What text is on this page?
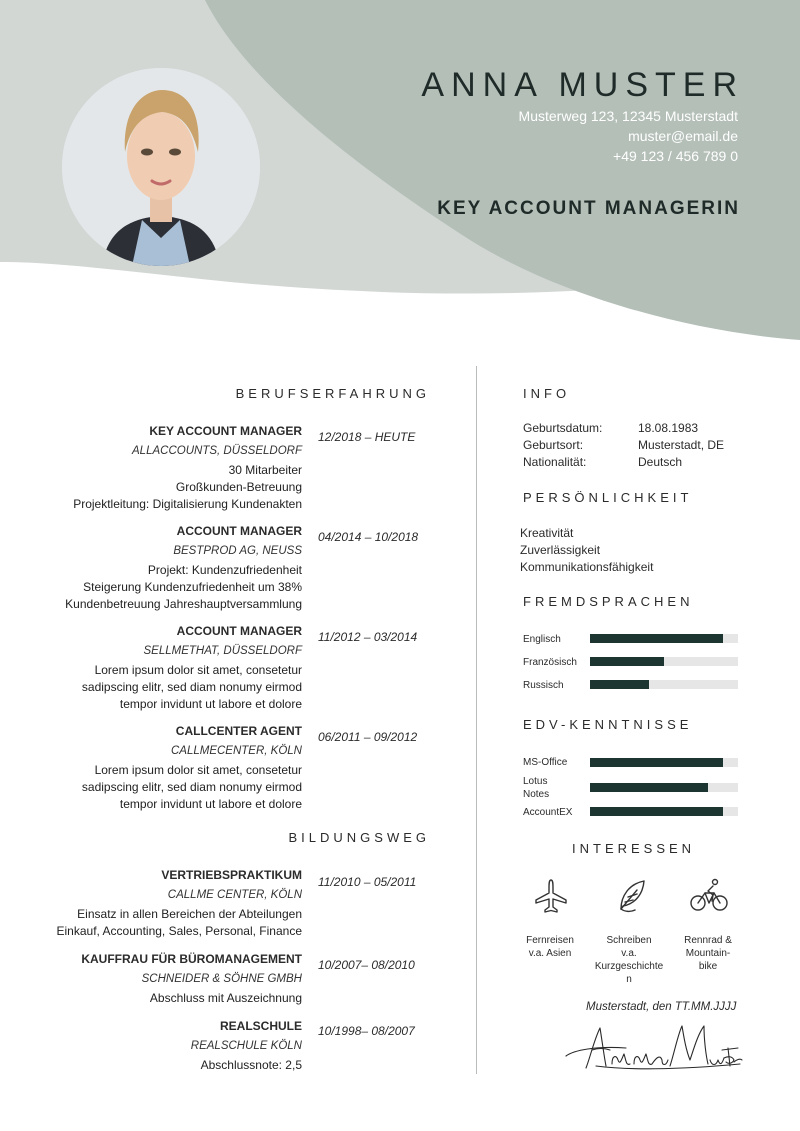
ANNA MUSTER
Musterweg 123, 12345 Musterstadt
muster@email.de
+49 123 / 456 789 0
KEY ACCOUNT MANAGERIN
BERUFSERFAHRUNG
KEY ACCOUNT MANAGER
ALLACCOUNTS, DÜSSELDORF
30 Mitarbeiter
Großkunden-Betreuung
Projektleitung: Digitalisierung Kundenakten
12/2018 – HEUTE
ACCOUNT MANAGER
BESTPROD AG, NEUSS
Projekt: Kundenzufriedenheit
Steigerung Kundenzufriedenheit um 38%
Kundenbetreuung Jahreshauptversammlung
04/2014 – 10/2018
ACCOUNT MANAGER
SELLMETHAT, DÜSSELDORF
Lorem ipsum dolor sit amet, consetetur
sadipscing elitr, sed diam nonumy eirmod
tempor invidunt ut labore et dolore
11/2012 – 03/2014
CALLCENTER AGENT
CALLMECENTER, KÖLN
Lorem ipsum dolor sit amet, consetetur
sadipscing elitr, sed diam nonumy eirmod
tempor invidunt ut labore et dolore
06/2011 – 09/2012
BILDUNGSWEG
VERTRIEBSPRAKTIKUM
CALLME CENTER, KÖLN
Einsatz in allen Bereichen der Abteilungen
Einkauf, Accounting, Sales, Personal, Finance
11/2010 – 05/2011
KAUFFRAU FÜR BÜROMANAGEMENT
SCHNEIDER & SÖHNE GMBH
Abschluss mit Auszeichnung
10/2007– 08/2010
REALSCHULE
REALSCHULE KÖLN
Abschlussnote: 2,5
10/1998– 08/2007
INFO
Geburtsdatum:	18.08.1983
Geburtsort:	Musterstadt, DE
Nationalität:	Deutsch
PERSÖNLICHKEIT
Kreativität
Zuverlässigkeit
Kommunikationsfähigkeit
FREMDSPRACHEN
Englisch
Französisch
Russisch
EDV-KENNTNISSE
MS-Office
Lotus
Notes
AccountEX
INTERESSEN
Fernreisen
v.a. Asien
Schreiben
v.a.
Kurzgeschichte
n
Rennrad &
Mountain-
bike
Musterstadt, den TT.MM.JJJJ
